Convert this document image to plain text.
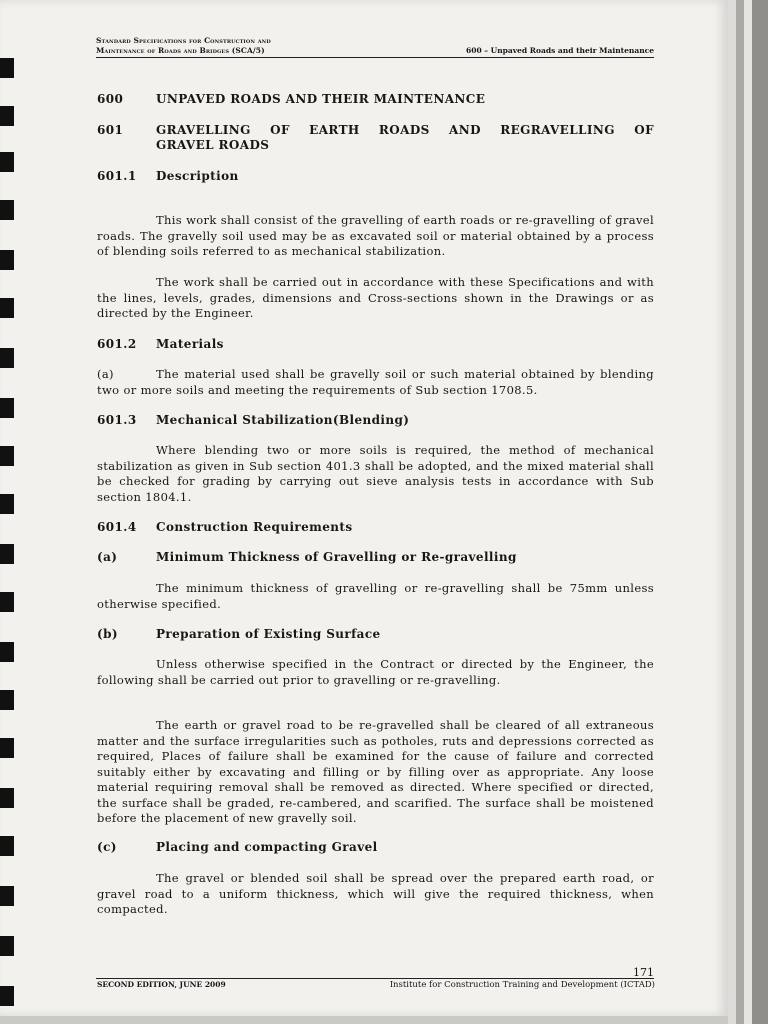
Standard Specifications for Construction and
Maintenance of Roads and Bridges (SCA/5)	600 – Unpaved Roads and their Maintenance
600	UNPAVED ROADS AND THEIR MAINTENANCE
601	GRAVELLING OF EARTH ROADS AND REGRAVELLING OF
GRAVEL ROADS
601.1 Description
This work shall consist of the gravelling of earth roads or re-gravelling of gravel roads. The gravelly soil used may be as excavated soil or material obtained by a process of blending soils referred to as mechanical stabilization.
The work shall be carried out in accordance with these Specifications and with the lines, levels, grades, dimensions and Cross-sections shown in the Drawings or as directed by the Engineer.
601.2 Materials
(a)	The material used shall be gravelly soil or such material obtained by blending two or more soils and meeting the requirements of Sub section 1708.5.
601.3 Mechanical Stabilization(Blending)
Where blending two or more soils is required, the method of mechanical stabilization as given in Sub section 401.3 shall be adopted, and the mixed material shall be checked for grading by carrying out sieve analysis tests in accordance with Sub section 1804.1.
601.4 Construction Requirements
(a)	Minimum Thickness of Gravelling or Re-gravelling
The minimum thickness of gravelling or re-gravelling shall be 75mm unless otherwise specified.
(b)	Preparation of Existing Surface
Unless otherwise specified in the Contract or directed by the Engineer, the following shall be carried out prior to gravelling or re-gravelling.
The earth or gravel road to be re-gravelled shall be cleared of all extraneous matter and the surface irregularities such as potholes, ruts and depressions corrected as required, Places of failure shall be examined for the cause of failure and corrected suitably either by excavating and filling or by filling over as appropriate. Any loose material requiring removal shall be removed as directed. Where specified or directed, the surface shall be graded, re-cambered, and scarified. The surface shall be moistened before the placement of new gravelly soil.
(c)	Placing and compacting Gravel
The gravel or blended soil shall be spread over the prepared earth road, or gravel road to a uniform thickness, which will give the required thickness, when compacted.
171
SECOND EDITION, JUNE 2009	Institute for Construction Training and Development (ICTAD)
